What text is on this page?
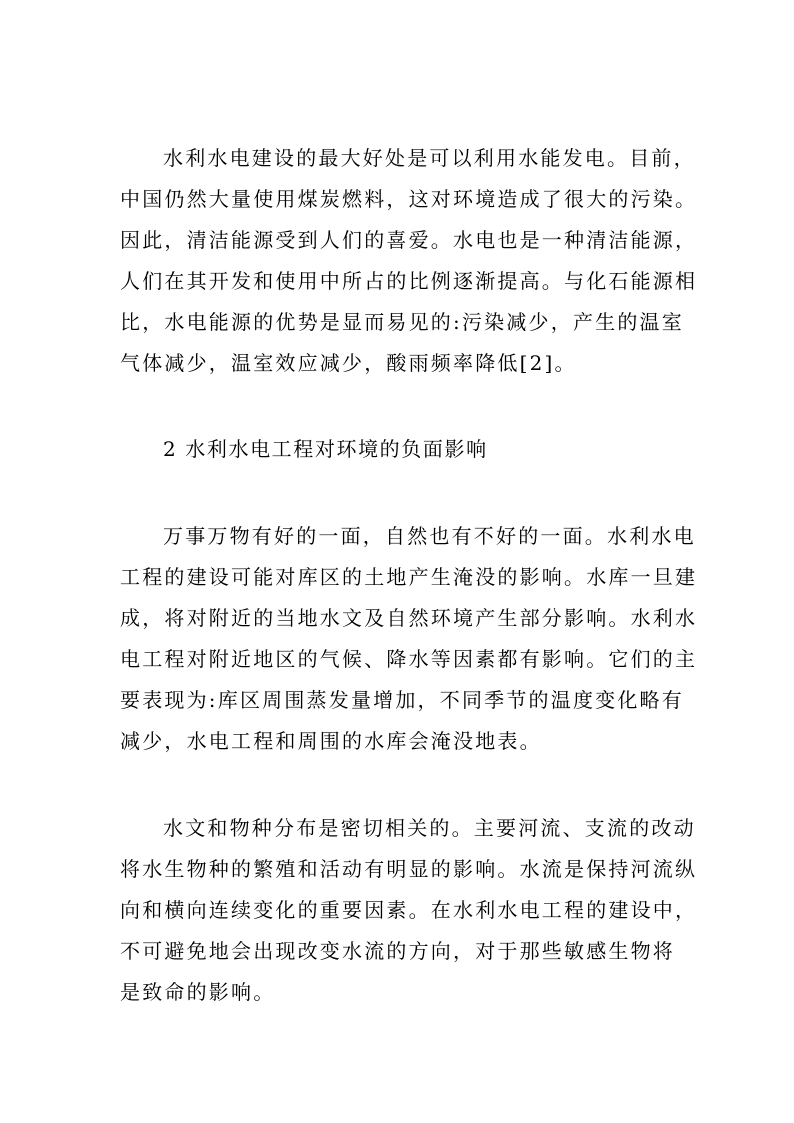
水利水电建设的最大好处是可以利用水能发电。目前，
中国仍然大量使用煤炭燃料，这对环境造成了很大的污染。
因此，清洁能源受到人们的喜爱。水电也是一种清洁能源，
人们在其开发和使用中所占的比例逐渐提高。与化石能源相
比，水电能源的优势是显而易见的:污染减少，产生的温室
气体减少，温室效应减少，酸雨频率降低[2]。
2 水利水电工程对环境的负面影响
万事万物有好的一面，自然也有不好的一面。水利水电
工程的建设可能对库区的土地产生淹没的影响。水库一旦建
成，将对附近的当地水文及自然环境产生部分影响。水利水
电工程对附近地区的气候、降水等因素都有影响。它们的主
要表现为:库区周围蒸发量增加，不同季节的温度变化略有
减少，水电工程和周围的水库会淹没地表。
水文和物种分布是密切相关的。主要河流、支流的改动
将水生物种的繁殖和活动有明显的影响。水流是保持河流纵
向和横向连续变化的重要因素。在水利水电工程的建设中，
不可避免地会出现改变水流的方向，对于那些敏感生物将
是致命的影响。
